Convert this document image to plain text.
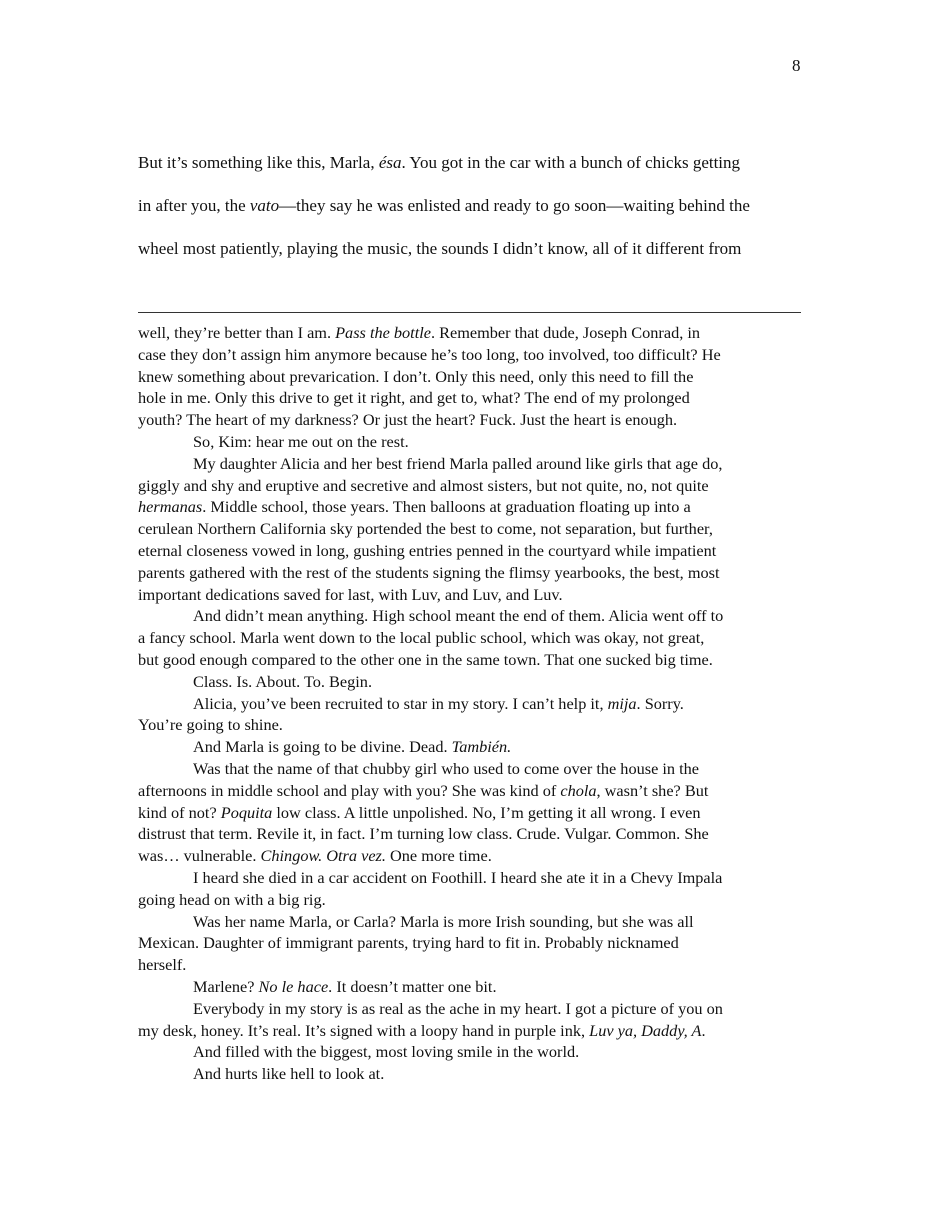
8
But it’s something like this, Marla, ésa. You got in the car with a bunch of chicks getting
in after you, the vato—they say he was enlisted and ready to go soon—waiting behind the
wheel most patiently, playing the music, the sounds I didn’t know, all of it different from
well, they’re better than I am. Pass the bottle. Remember that dude, Joseph Conrad, in
case they don’t assign him anymore because he’s too long, too involved, too difficult? He
knew something about prevarication. I don’t. Only this need, only this need to fill the
hole in me. Only this drive to get it right, and get to, what? The end of my prolonged
youth? The heart of my darkness? Or just the heart? Fuck. Just the heart is enough.
So, Kim: hear me out on the rest.
My daughter Alicia and her best friend Marla palled around like girls that age do,
giggly and shy and eruptive and secretive and almost sisters, but not quite, no, not quite
hermanas. Middle school, those years. Then balloons at graduation floating up into a
cerulean Northern California sky portended the best to come, not separation, but further,
eternal closeness vowed in long, gushing entries penned in the courtyard while impatient
parents gathered with the rest of the students signing the flimsy yearbooks, the best, most
important dedications saved for last, with Luv, and Luv, and Luv.
And didn’t mean anything. High school meant the end of them. Alicia went off to
a fancy school. Marla went down to the local public school, which was okay, not great,
but good enough compared to the other one in the same town. That one sucked big time.
Class. Is. About. To. Begin.
Alicia, you’ve been recruited to star in my story. I can’t help it, mija. Sorry.
You’re going to shine.
And Marla is going to be divine. Dead. También.
Was that the name of that chubby girl who used to come over the house in the
afternoons in middle school and play with you? She was kind of chola, wasn’t she? But
kind of not? Poquita low class. A little unpolished. No, I’m getting it all wrong. I even
distrust that term. Revile it, in fact. I’m turning low class. Crude. Vulgar. Common. She
was… vulnerable. Chingow. Otra vez. One more time.
I heard she died in a car accident on Foothill. I heard she ate it in a Chevy Impala
going head on with a big rig.
Was her name Marla, or Carla? Marla is more Irish sounding, but she was all
Mexican. Daughter of immigrant parents, trying hard to fit in. Probably nicknamed
herself.
Marlene? No le hace. It doesn’t matter one bit.
Everybody in my story is as real as the ache in my heart. I got a picture of you on
my desk, honey. It’s real. It’s signed with a loopy hand in purple ink, Luv ya, Daddy, A.
And filled with the biggest, most loving smile in the world.
And hurts like hell to look at.
